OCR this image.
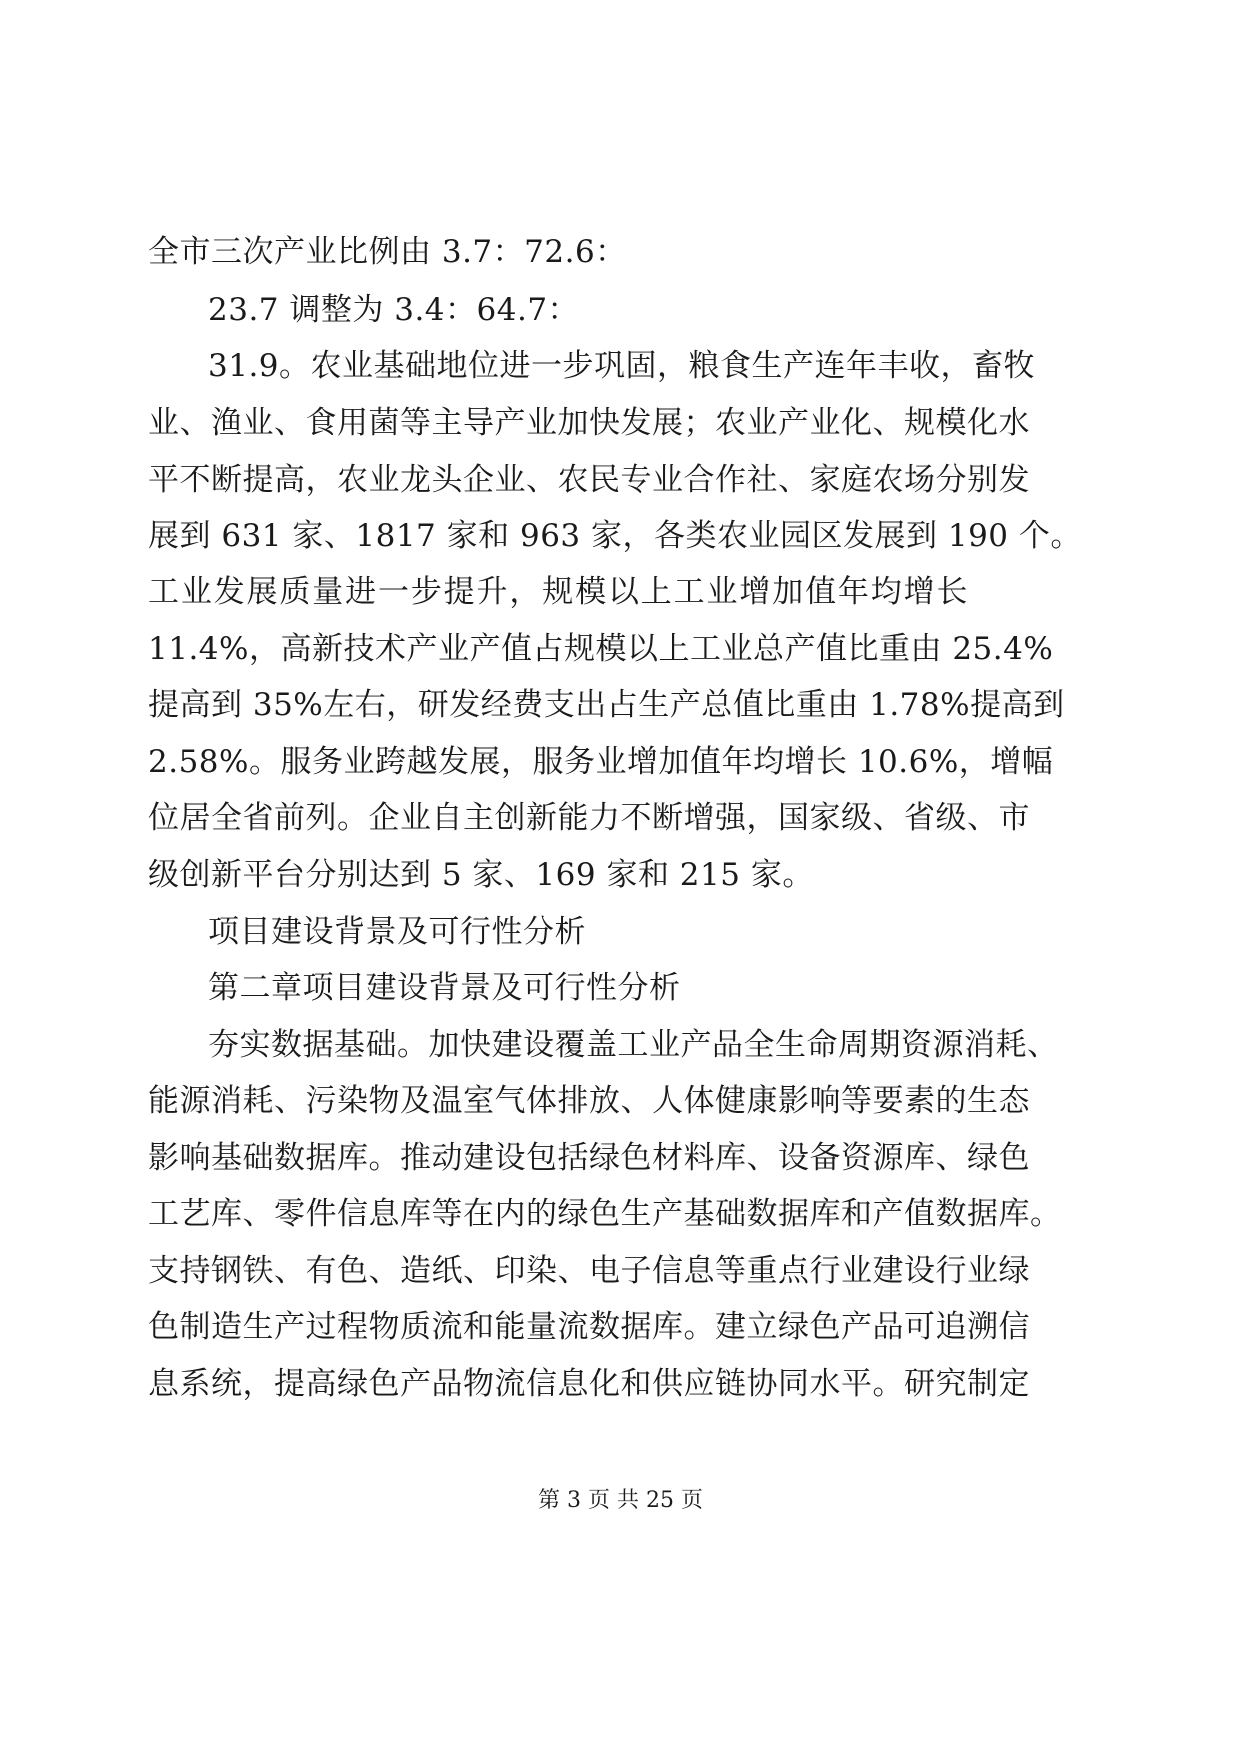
全市三次产业比例由 3.7：72.6：
23.7 调整为 3.4：64.7：
31.9。农业基础地位进一步巩固，粮食生产连年丰收，畜牧
业、渔业、食用菌等主导产业加快发展；农业产业化、规模化水
平不断提高，农业龙头企业、农民专业合作社、家庭农场分别发
展到 631 家、1817 家和 963 家，各类农业园区发展到 190 个。
工业发展质量进一步提升，规模以上工业增加值年均增长
11.4%，高新技术产业产值占规模以上工业总产值比重由 25.4%
提高到 35%左右，研发经费支出占生产总值比重由 1.78%提高到
2.58%。服务业跨越发展，服务业增加值年均增长 10.6%，增幅
位居全省前列。企业自主创新能力不断增强，国家级、省级、市
级创新平台分别达到 5 家、169 家和 215 家。
项目建设背景及可行性分析
第二章项目建设背景及可行性分析
夯实数据基础。加快建设覆盖工业产品全生命周期资源消耗、
能源消耗、污染物及温室气体排放、人体健康影响等要素的生态
影响基础数据库。推动建设包括绿色材料库、设备资源库、绿色
工艺库、零件信息库等在内的绿色生产基础数据库和产值数据库。
支持钢铁、有色、造纸、印染、电子信息等重点行业建设行业绿
色制造生产过程物质流和能量流数据库。建立绿色产品可追溯信
息系统，提高绿色产品物流信息化和供应链协同水平。研究制定
第 3 页 共 25 页
